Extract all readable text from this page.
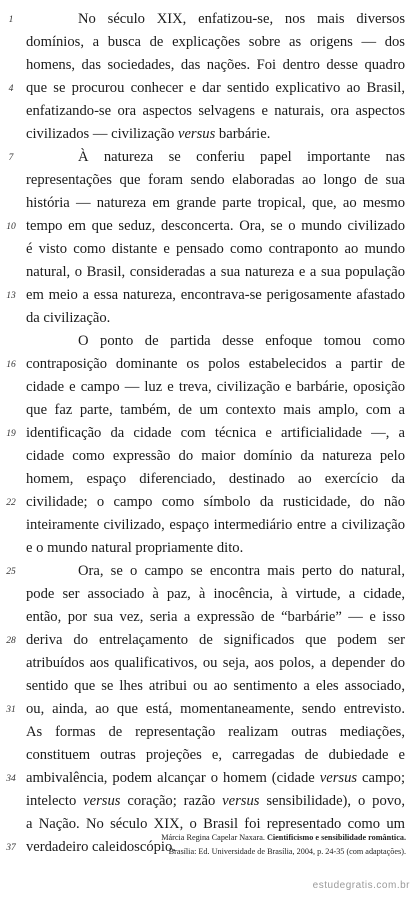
No século XIX, enfatizou-se, nos mais diversos
domínios, a busca de explicações sobre as origens — dos
homens, das sociedades, das nações. Foi dentro desse quadro
que se procurou conhecer e dar sentido explicativo ao Brasil,
enfatizando-se ora aspectos selvagens e naturais, ora aspectos
civilizados — civilização versus barbárie.
À natureza se conferiu papel importante nas
representações que foram sendo elaboradas ao longo de sua
história — natureza em grande parte tropical, que, ao mesmo
tempo em que seduz, desconcerta. Ora, se o mundo civilizado
é visto como distante e pensado como contraponto ao mundo
natural, o Brasil, consideradas a sua natureza e a sua população
em meio a essa natureza, encontrava-se perigosamente afastado
da civilização.
O ponto de partida desse enfoque tomou como
contraposição dominante os polos estabelecidos a partir de
cidade e campo — luz e treva, civilização e barbárie, oposição
que faz parte, também, de um contexto mais amplo, com a
identificação da cidade com técnica e artificialidade —, a
cidade como expressão do maior domínio da natureza pelo
homem, espaço diferenciado, destinado ao exercício da
civilidade; o campo como símbolo da rusticidade, do não
inteiramente civilizado, espaço intermediário entre a civilização
e o mundo natural propriamente dito.
Ora, se o campo se encontra mais perto do natural,
pode ser associado à paz, à inocência, à virtude, a cidade,
então, por sua vez, seria a expressão de “barbárie” — e isso
deriva do entrelaçamento de significados que podem ser
atribuídos aos qualificativos, ou seja, aos polos, a depender do
sentido que se lhes atribui ou ao sentimento a eles associado,
ou, ainda, ao que está, momentaneamente, sendo entrevisto.
As formas de representação realizam outras mediações,
constituem outras projeções e, carregadas de dubiedade e
ambivalência, podem alcançar o homem (cidade versus campo;
intelecto versus coração; razão versus sensibilidade), o povo,
a Nação. No século XIX, o Brasil foi representado como um
verdadeiro caleidoscópio.
1
4
7
10
13
16
19
22
25
28
31
34
37
Márcia Regina Capelar Naxara. Cientificismo e sensibilidade romântica.
Brasília: Ed. Universidade de Brasília, 2004, p. 24-35 (com adaptações).
estudegratis.com.br
